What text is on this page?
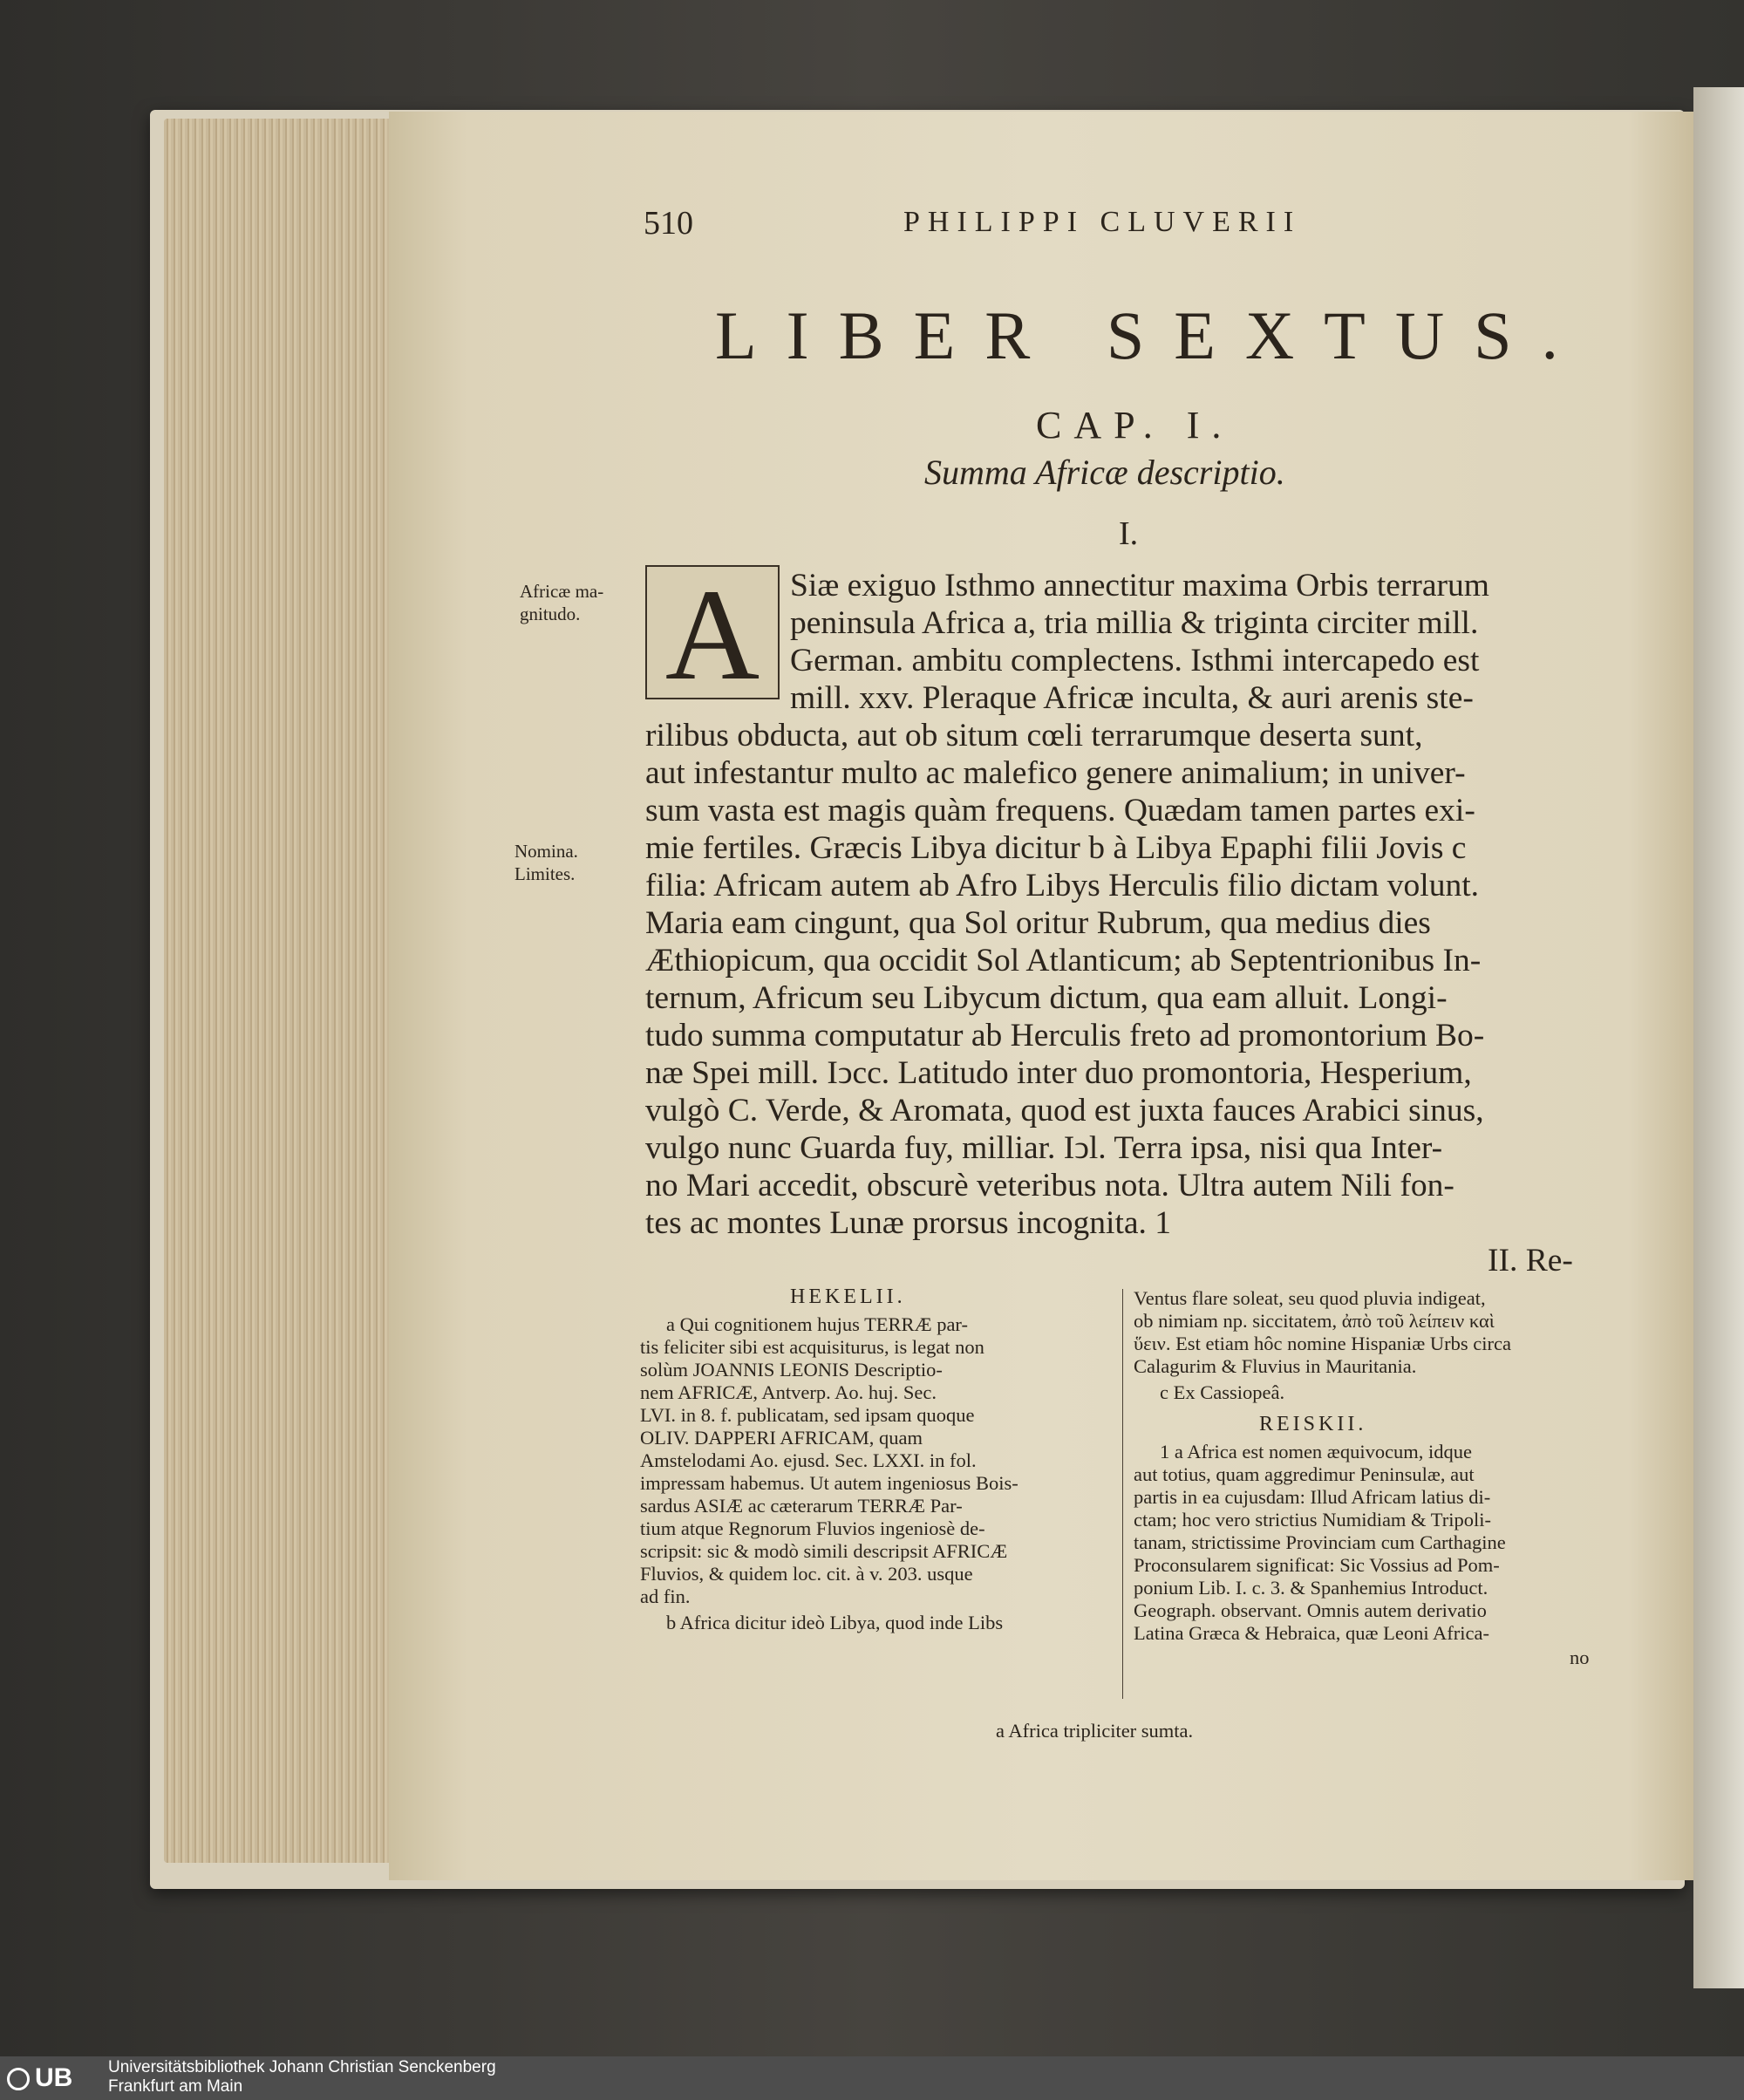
510	PHILIPPI CLUVERII
LIBER SEXTUS.
CAP. I.
Summa Africæ descriptio.
I.
Africæ ma-
gnitudo.
Nomina.
Limites.
A Siæ exiguo Isthmo annectitur maxima Orbis terrarum
peninsula Africa a, tria millia & triginta circiter mill.
German. ambitu complectens. Isthmi intercapedo est
mill. xxv. Pleraque Africæ inculta, & auri arenis ste-
rilibus obducta, aut ob situm cœli terrarumque deserta sunt,
aut infestantur multo ac malefico genere animalium; in univer-
sum vasta est magis quàm frequens. Quædam tamen partes exi-
mie fertiles. Græcis Libya dicitur b à Libya Epaphi filii Jovis c
filia: Africam autem ab Afro Libys Herculis filio dictam volunt.
Maria eam cingunt, qua Sol oritur Rubrum, qua medius dies
Æthiopicum, qua occidit Sol Atlanticum; ab Septentrionibus In-
ternum, Africum seu Libycum dictum, qua eam alluit. Longi-
tudo summa computatur ab Herculis freto ad promontorium Bo-
næ Spei mill. Iↄcc. Latitudo inter duo promontoria, Hesperium,
vulgò C. Verde, & Aromata, quod est juxta fauces Arabici sinus,
vulgo nunc Guarda fuy, milliar. Iↄl. Terra ipsa, nisi qua Inter-
no Mari accedit, obscurè veteribus nota. Ultra autem Nili fon-
tes ac montes Lunæ prorsus incognita. 1
II. Re-
HEKELII.
a Qui cognitionem hujus TERRÆ par-
tis feliciter sibi est acquisiturus, is legat non
solùm JOANNIS LEONIS Descriptio-
nem AFRICÆ, Antverp. Ao. huj. Sec.
LVI. in 8. f. publicatam, sed ipsam quoque
OLIV. DAPPERI AFRICAM, quam
Amstelodami Ao. ejusd. Sec. LXXI. in fol.
impressam habemus. Ut autem ingeniosus Bois-
sardus ASIÆ ac cæterarum TERRÆ Par-
tium atque Regnorum Fluvios ingeniosè de-
scripsit: sic & modò simili descripsit AFRICÆ
Fluvios, & quidem loc. cit. à v. 203. usque
ad fin.
b Africa dicitur ideò Libya, quod inde Libs
Ventus flare soleat, seu quod pluvia indigeat,
ob nimiam np. siccitatem, ἀπὸ τοῦ λείπειν καὶ
ὕειν. Est etiam hôc nomine Hispaniæ Urbs circa
Calagurim & Fluvius in Mauritania.
c Ex Cassiopeâ.
REISKII.
1 a Africa est nomen æquivocum, idque
aut totius, quam aggredimur Peninsulæ, aut
partis in ea cujusdam: Illud Africam latius di-
ctam; hoc vero strictius Numidiam & Tripoli-
tanam, strictissime Provinciam cum Carthagine
Proconsularem significat: Sic Vossius ad Pom-
ponium Lib. I. c. 3. & Spanhemius Introduct.
Geograph. observant. Omnis autem derivatio
Latina Græca & Hebraica, quæ Leoni Africa-
no
a Africa tripliciter sumta.
UB	Universitätsbibliothek Johann Christian Senckenberg
Frankfurt am Main
